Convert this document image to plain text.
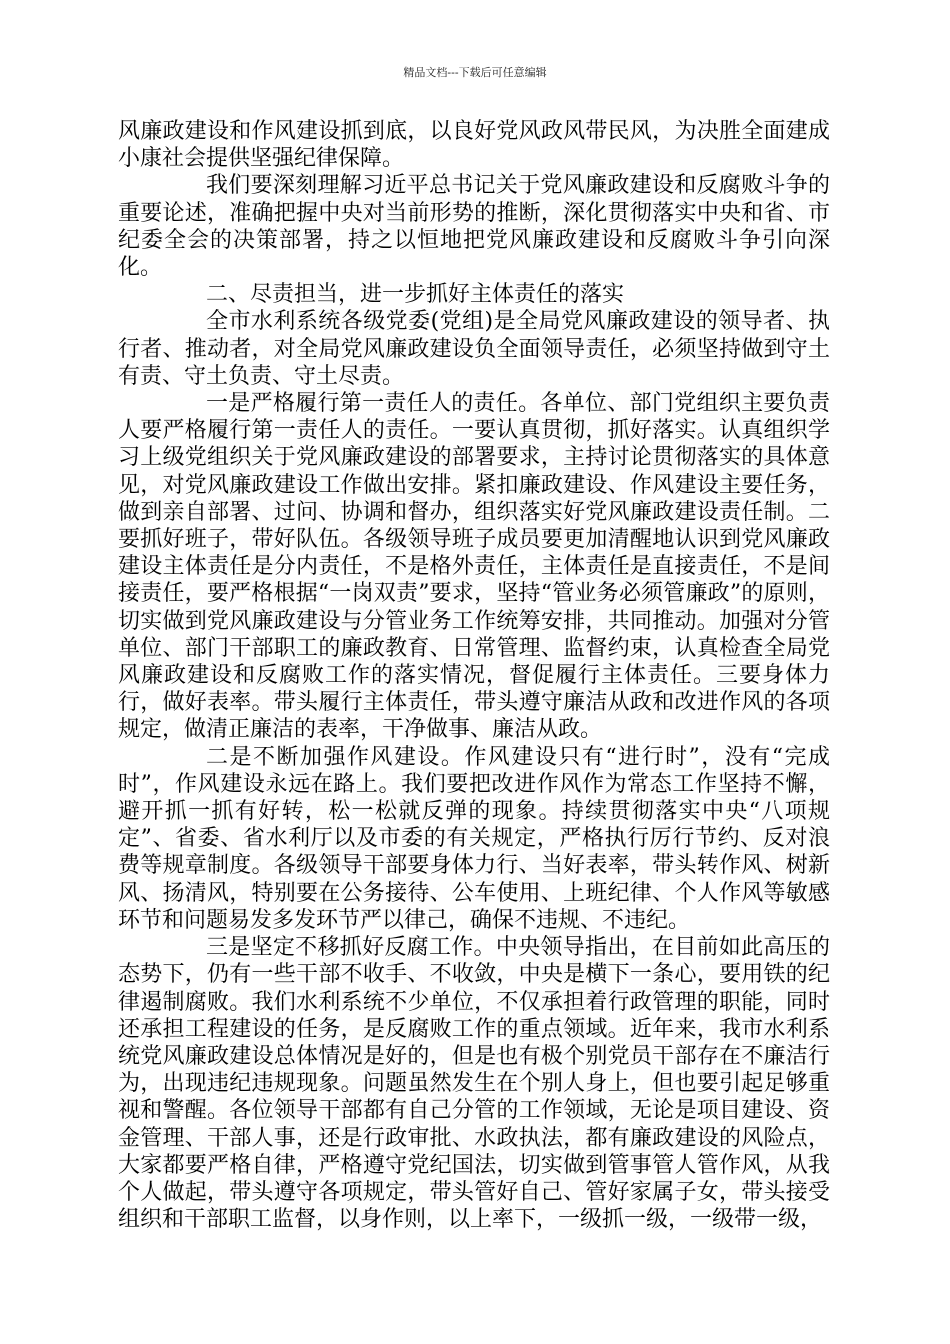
精品文档---下载后可任意编辑

风廉政建设和作风建设抓到底，以良好党风政风带民风，为决胜全面建成小康社会提供坚强纪律保障。

我们要深刻理解习近平总书记关于党风廉政建设和反腐败斗争的重要论述，准确把握中央对当前形势的推断，深化贯彻落实中央和省、市纪委全会的决策部署，持之以恒地把党风廉政建设和反腐败斗争引向深化。

二、尽责担当，进一步抓好主体责任的落实

全市水利系统各级党委(党组)是全局党风廉政建设的领导者、执行者、推动者，对全局党风廉政建设负全面领导责任，必须坚持做到守土有责、守土负责、守土尽责。

一是严格履行第一责任人的责任。各单位、部门党组织主要负责人要严格履行第一责任人的责任。一要认真贯彻，抓好落实。认真组织学习上级党组织关于党风廉政建设的部署要求，主持讨论贯彻落实的具体意见，对党风廉政建设工作做出安排。紧扣廉政建设、作风建设主要任务，做到亲自部署、过问、协调和督办，组织落实好党风廉政建设责任制。二要抓好班子，带好队伍。各级领导班子成员要更加清醒地认识到党风廉政建设主体责任是分内责任，不是格外责任，主体责任是直接责任，不是间接责任，要严格根据“一岗双责”要求，坚持“管业务必须管廉政”的原则，切实做到党风廉政建设与分管业务工作统筹安排，共同推动。加强对分管单位、部门干部职工的廉政教育、日常管理、监督约束，认真检查全局党风廉政建设和反腐败工作的落实情况，督促履行主体责任。三要身体力行，做好表率。带头履行主体责任，带头遵守廉洁从政和改进作风的各项规定，做清正廉洁的表率，干净做事、廉洁从政。

二是不断加强作风建设。作风建设只有“进行时”，没有“完成时”，作风建设永远在路上。我们要把改进作风作为常态工作坚持不懈，避开抓一抓有好转，松一松就反弹的现象。持续贯彻落实中央“八项规定”、省委、省水利厅以及市委的有关规定，严格执行厉行节约、反对浪费等规章制度。各级领导干部要身体力行、当好表率，带头转作风、树新风、扬清风，特别要在公务接待、公车使用、上班纪律、个人作风等敏感环节和问题易发多发环节严以律己，确保不违规、不违纪。

三是坚定不移抓好反腐工作。中央领导指出，在目前如此高压的态势下，仍有一些干部不收手、不收敛，中央是横下一条心，要用铁的纪律遏制腐败。我们水利系统不少单位，不仅承担着行政管理的职能，同时还承担工程建设的任务，是反腐败工作的重点领域。近年来，我市水利系统党风廉政建设总体情况是好的，但是也有极个别党员干部存在不廉洁行为，出现违纪违规现象。问题虽然发生在个别人身上，但也要引起足够重视和警醒。各位领导干部都有自己分管的工作领域，无论是项目建设、资金管理、干部人事，还是行政审批、水政执法，都有廉政建设的风险点，大家都要严格自律，严格遵守党纪国法，切实做到管事管人管作风，从我个人做起，带头遵守各项规定，带头管好自己、管好家属子女，带头接受组织和干部职工监督，以身作则，以上率下，一级抓一级，一级带一级，
